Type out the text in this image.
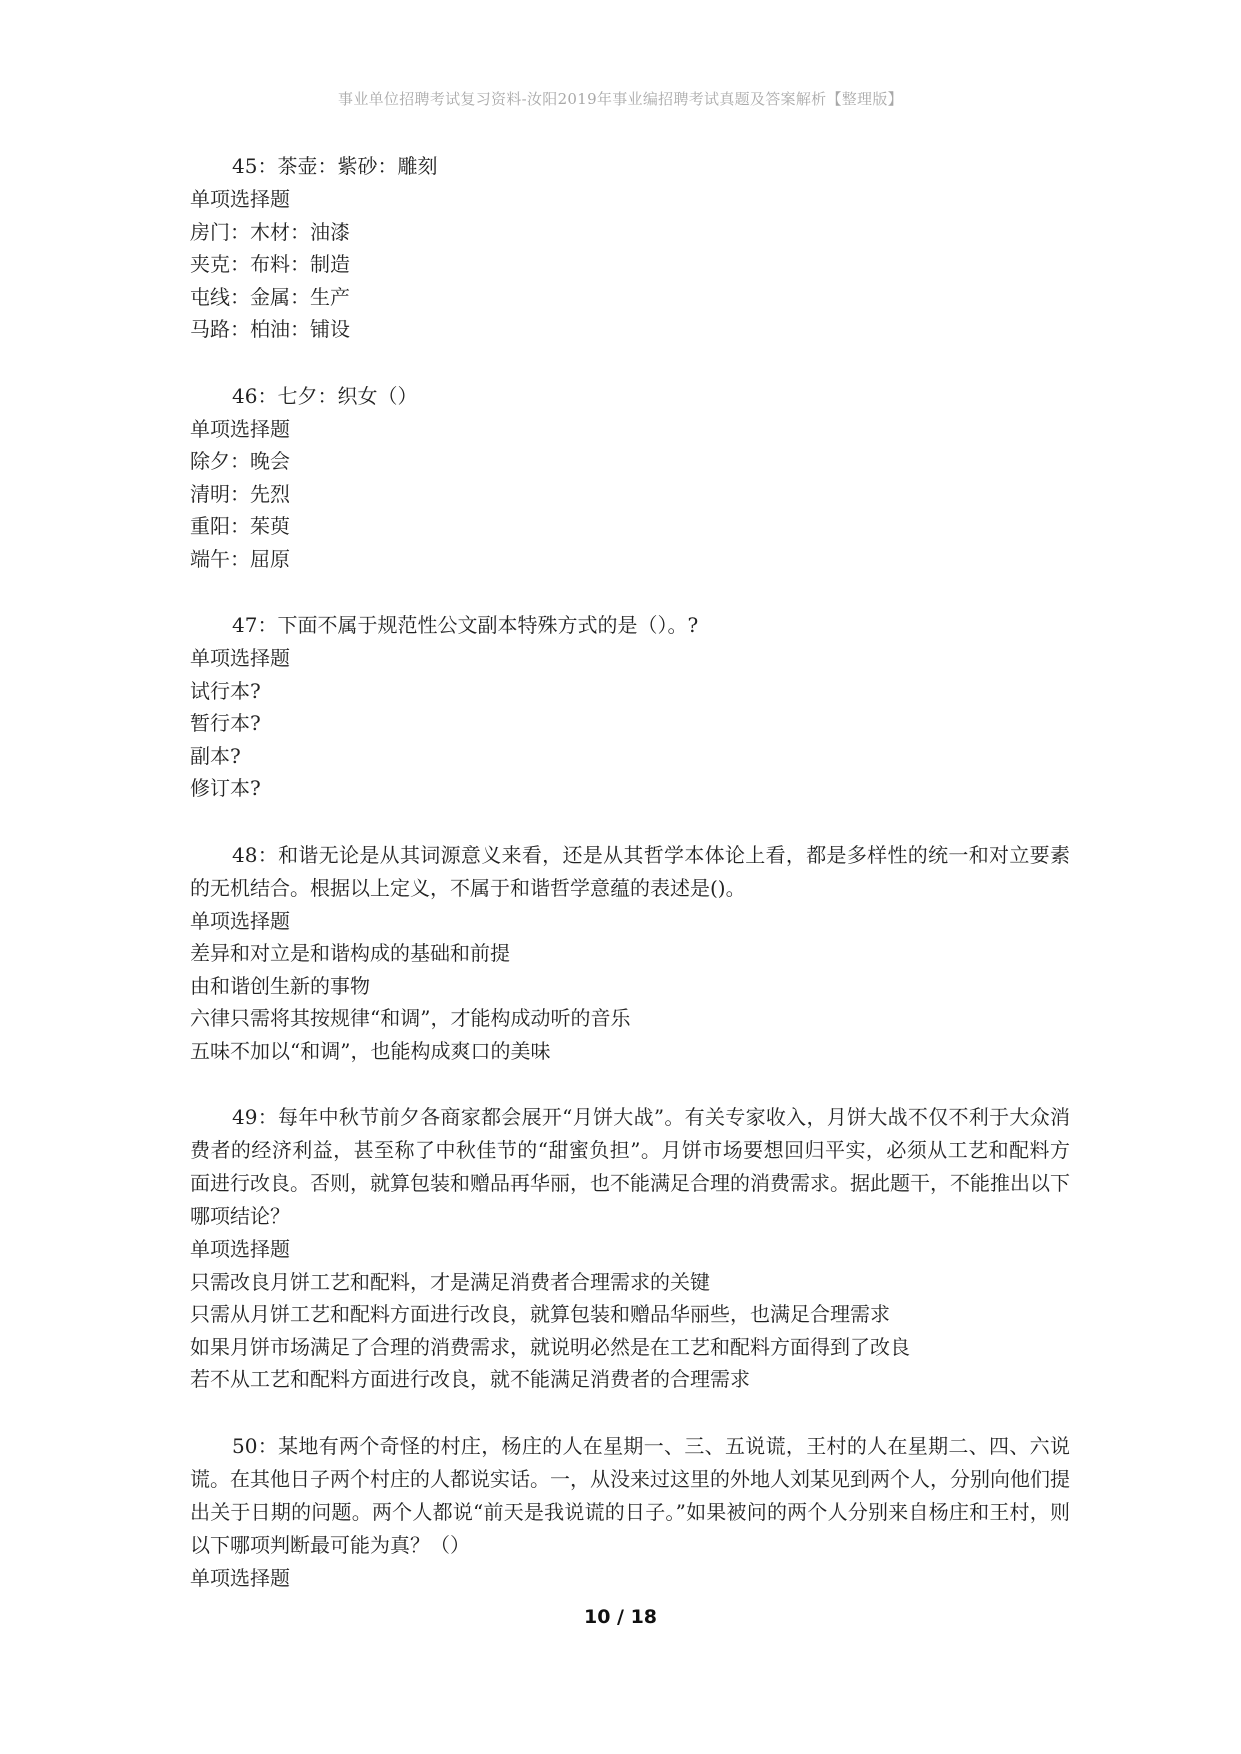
事业单位招聘考试复习资料-汝阳2019年事业编招聘考试真题及答案解析【整理版】
45：茶壶：紫砂：雕刻
单项选择题
房门：木材：油漆
夹克：布料：制造
屯线：金属：生产
马路：柏油：铺设
46：七夕：织女（）
单项选择题
除夕：晚会
清明：先烈
重阳：茱萸
端午：屈原
47：下面不属于规范性公文副本特殊方式的是（）。?
单项选择题
试行本?
暂行本?
副本?
修订本?
48：和谐无论是从其词源意义来看，还是从其哲学本体论上看，都是多样性的统一和对立要素的无机结合。根据以上定义，不属于和谐哲学意蕴的表述是()。
单项选择题
差异和对立是和谐构成的基础和前提
由和谐创生新的事物
六律只需将其按规律“和调”，才能构成动听的音乐
五味不加以“和调”，也能构成爽口的美味
49：每年中秋节前夕各商家都会展开“月饼大战”。有关专家收入，月饼大战不仅不利于大众消费者的经济利益，甚至称了中秋佳节的“甜蜜负担”。月饼市场要想回归平实，必须从工艺和配料方面进行改良。否则，就算包装和赠品再华丽，也不能满足合理的消费需求。据此题干，不能推出以下哪项结论？
单项选择题
只需改良月饼工艺和配料，才是满足消费者合理需求的关键
只需从月饼工艺和配料方面进行改良，就算包装和赠品华丽些，也满足合理需求
如果月饼市场满足了合理的消费需求，就说明必然是在工艺和配料方面得到了改良
若不从工艺和配料方面进行改良，就不能满足消费者的合理需求
50：某地有两个奇怪的村庄，杨庄的人在星期一、三、五说谎，王村的人在星期二、四、六说谎。在其他日子两个村庄的人都说实话。一，从没来过这里的外地人刘某见到两个人，分别向他们提出关于日期的问题。两个人都说“前天是我说谎的日子。”如果被问的两个人分别来自杨庄和王村，则以下哪项判断最可能为真？（）
单项选择题
10 / 18
